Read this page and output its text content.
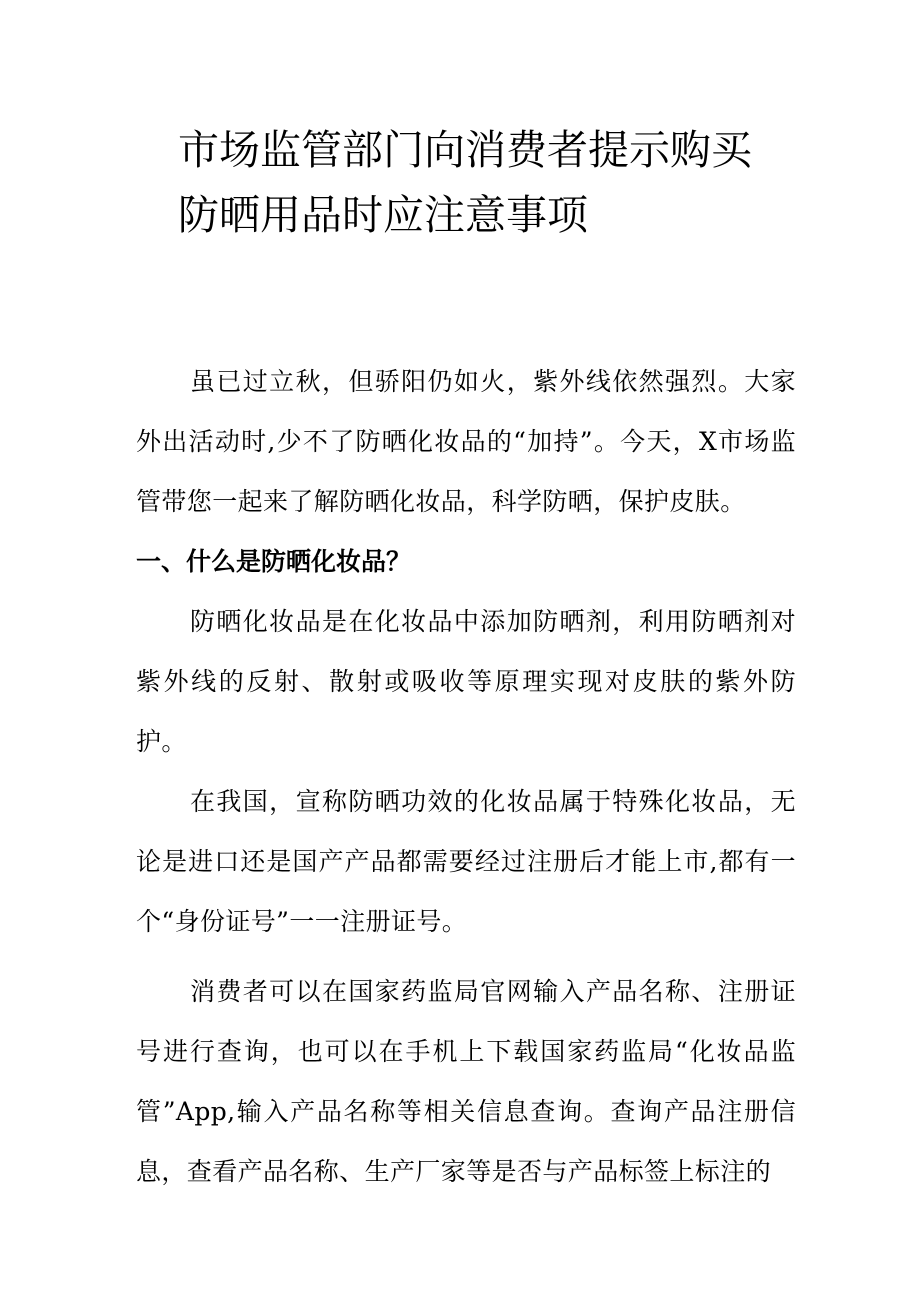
市场监管部门向消费者提示购买
防晒用品时应注意事项

虽已过立秋，但骄阳仍如火，紫外线依然强烈。大家外出活动时,少不了防晒化妆品的“加持”。今天，X市场监管带您一起来了解防晒化妆品，科学防晒，保护皮肤。

一、什么是防晒化妆品？

防晒化妆品是在化妆品中添加防晒剂，利用防晒剂对紫外线的反射、散射或吸收等原理实现对皮肤的紫外防护。

在我国，宣称防晒功效的化妆品属于特殊化妆品，无论是进口还是国产产品都需要经过注册后才能上市,都有一个“身份证号”一一注册证号。

消费者可以在国家药监局官网输入产品名称、注册证号进行查询，也可以在手机上下载国家药监局“化妆品监管”App,输入产品名称等相关信息查询。查询产品注册信息，查看产品名称、生产厂家等是否与产品标签上标注的
